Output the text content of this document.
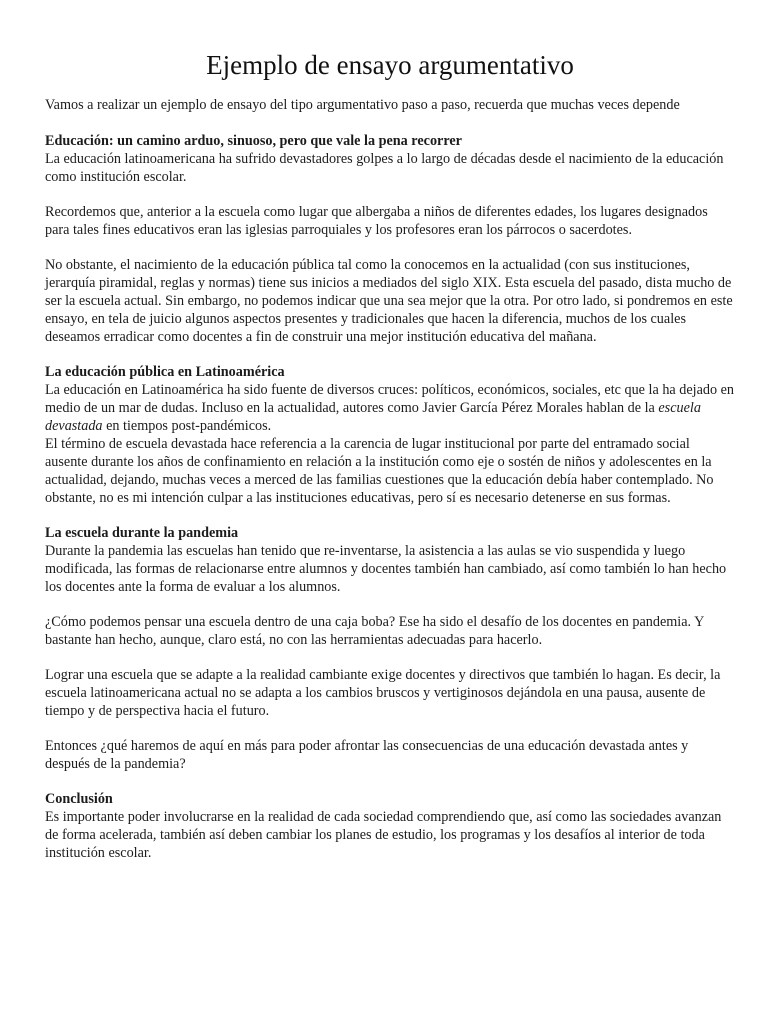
Ejemplo de ensayo argumentativo

Vamos a realizar un ejemplo de ensayo del tipo argumentativo paso a paso, recuerda que muchas veces depende

Educación: un camino arduo, sinuoso, pero que vale la pena recorrer

La educación latinoamericana ha sufrido devastadores golpes a lo largo de décadas desde el nacimiento de la educación como institución escolar.

Recordemos que, anterior a la escuela como lugar que albergaba a niños de diferentes edades, los lugares designados para tales fines educativos eran las iglesias parroquiales y los profesores eran los párrocos o sacerdotes.

No obstante, el nacimiento de la educación pública tal como la conocemos en la actualidad (con sus instituciones, jerarquía piramidal, reglas y normas) tiene sus inicios a mediados del siglo XIX. Esta escuela del pasado, dista mucho de ser la escuela actual. Sin embargo, no podemos indicar que una sea mejor que la otra. Por otro lado, si pondremos en este ensayo, en tela de juicio algunos aspectos presentes y tradicionales que hacen la diferencia, muchos de los cuales deseamos erradicar como docentes a fin de construir una mejor institución educativa del mañana.

La educación pública en Latinoamérica

La educación en Latinoamérica ha sido fuente de diversos cruces: políticos, económicos, sociales, etc que la ha dejado en medio de un mar de dudas. Incluso en la actualidad, autores como Javier García Pérez Morales hablan de la escuela devastada en tiempos post-pandémicos.

El término de escuela devastada hace referencia a la carencia de lugar institucional por parte del entramado social ausente durante los años de confinamiento en relación a la institución como eje o sostén de niños y adolescentes en la actualidad, dejando, muchas veces a merced de las familias cuestiones que la educación debía haber contemplado. No obstante, no es mi intención culpar a las instituciones educativas, pero sí es necesario detenerse en sus formas.

La escuela durante la pandemia

Durante la pandemia las escuelas han tenido que re-inventarse, la asistencia a las aulas se vio suspendida y luego modificada, las formas de relacionarse entre alumnos y docentes también han cambiado, así como también lo han hecho los docentes ante la forma de evaluar a los alumnos.

¿Cómo podemos pensar una escuela dentro de una caja boba? Ese ha sido el desafío de los docentes en pandemia. Y bastante han hecho, aunque, claro está, no con las herramientas adecuadas para hacerlo.

Lograr una escuela que se adapte a la realidad cambiante exige docentes y directivos que también lo hagan. Es decir, la escuela latinoamericana actual no se adapta a los cambios bruscos y vertiginosos dejándola en una pausa, ausente de tiempo y de perspectiva hacia el futuro.

Entonces ¿qué haremos de aquí en más para poder afrontar las consecuencias de una educación devastada antes y después de la pandemia?

Conclusión

Es importante poder involucrarse en la realidad de cada sociedad comprendiendo que, así como las sociedades avanzan de forma acelerada, también así deben cambiar los planes de estudio, los programas y los desafíos al interior de toda institución escolar.
